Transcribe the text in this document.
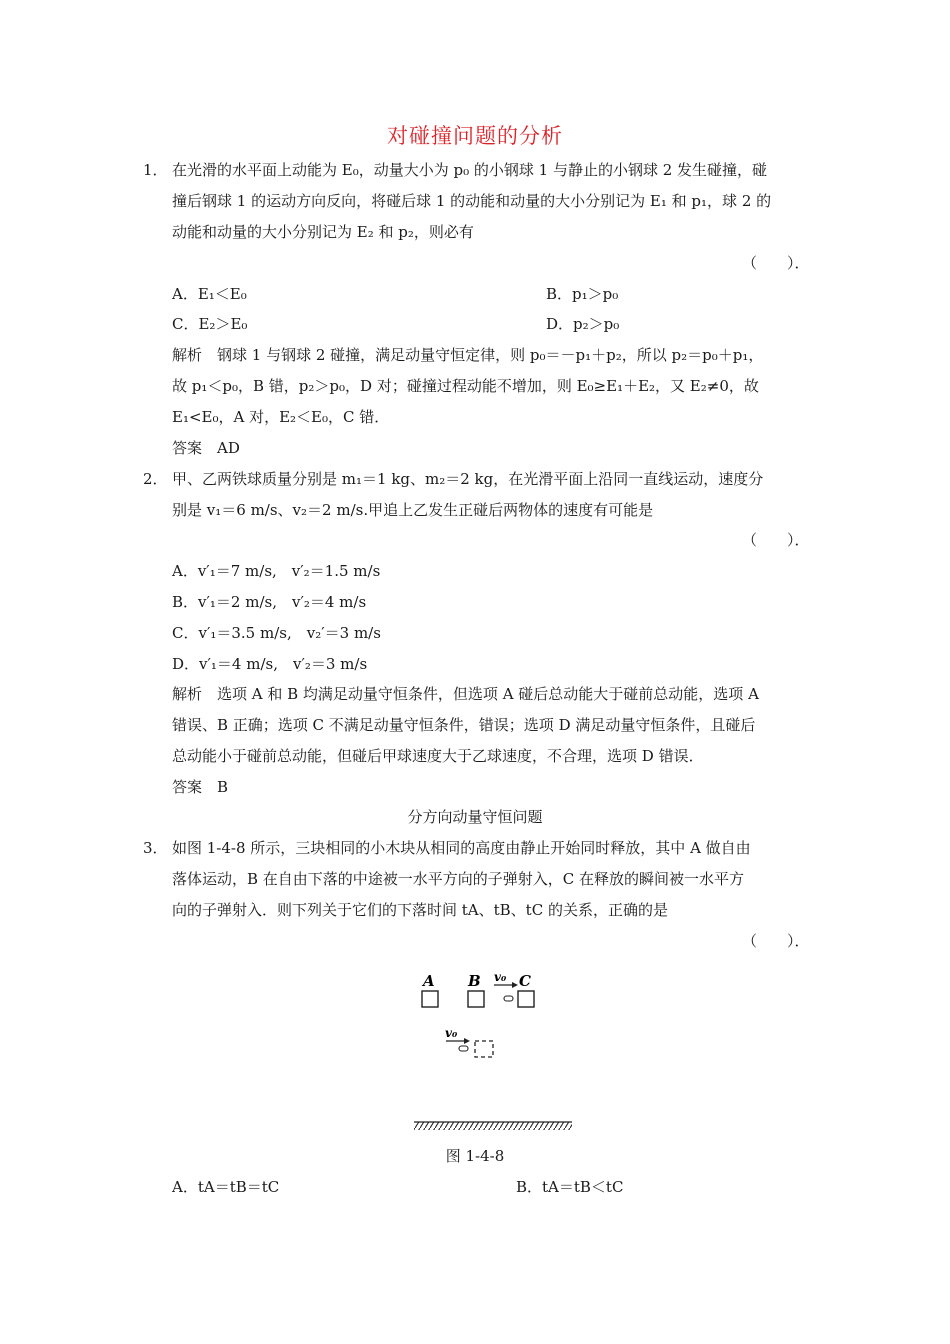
对碰撞问题的分析
1． 在光滑的水平面上动能为 E₀，动量大小为 p₀ 的小钢球 1 与静止的小钢球 2 发生碰撞，碰
撞后钢球 1 的运动方向反向，将碰后球 1 的动能和动量的大小分别记为 E₁ 和 p₁，球 2 的
动能和动量的大小分别记为 E₂ 和 p₂，则必有
（　　）．
A．E₁＜E₀	B．p₁＞p₀
C．E₂＞E₀	D．p₂＞p₀
解析　钢球 1 与钢球 2 碰撞，满足动量守恒定律，则 p₀＝－p₁＋p₂，所以 p₂＝p₀＋p₁，
故 p₁＜p₀，B 错，p₂＞p₀，D 对；碰撞过程动能不增加，则 E₀≥E₁＋E₂，又 E₂≠0，故
E₁<E₀，A 对，E₂＜E₀，C 错．
答案　AD
2． 甲、乙两铁球质量分别是 m₁＝1 kg、m₂＝2 kg，在光滑平面上沿同一直线运动，速度分
别是 v₁＝6 m/s、v₂＝2 m/s.甲追上乙发生正碰后两物体的速度有可能是
（　　）．
A．v′₁＝7 m/s,　v′₂＝1.5 m/s
B．v′₁＝2 m/s,　v′₂＝4 m/s
C．v′₁＝3.5 m/s,　v₂′＝3 m/s
D．v′₁＝4 m/s,　v′₂＝3 m/s
解析　选项 A 和 B 均满足动量守恒条件，但选项 A 碰后总动能大于碰前总动能，选项 A
错误、B 正确；选项 C 不满足动量守恒条件，错误；选项 D 满足动量守恒条件，且碰后
总动能小于碰前总动能，但碰后甲球速度大于乙球速度，不合理，选项 D 错误．
答案　B
分方向动量守恒问题
3． 如图 1-4-8 所示，三块相同的小木块从相同的高度由静止开始同时释放，其中 A 做自由
落体运动，B 在自由下落的中途被一水平方向的子弹射入，C 在释放的瞬间被一水平方
向的子弹射入．则下列关于它们的下落时间 tA、tB、tC 的关系，正确的是
（　　）．
A B	C
v₀
v₀
图 1-4-8
A．tA＝tB＝tC	B．tA＝tB＜tC
